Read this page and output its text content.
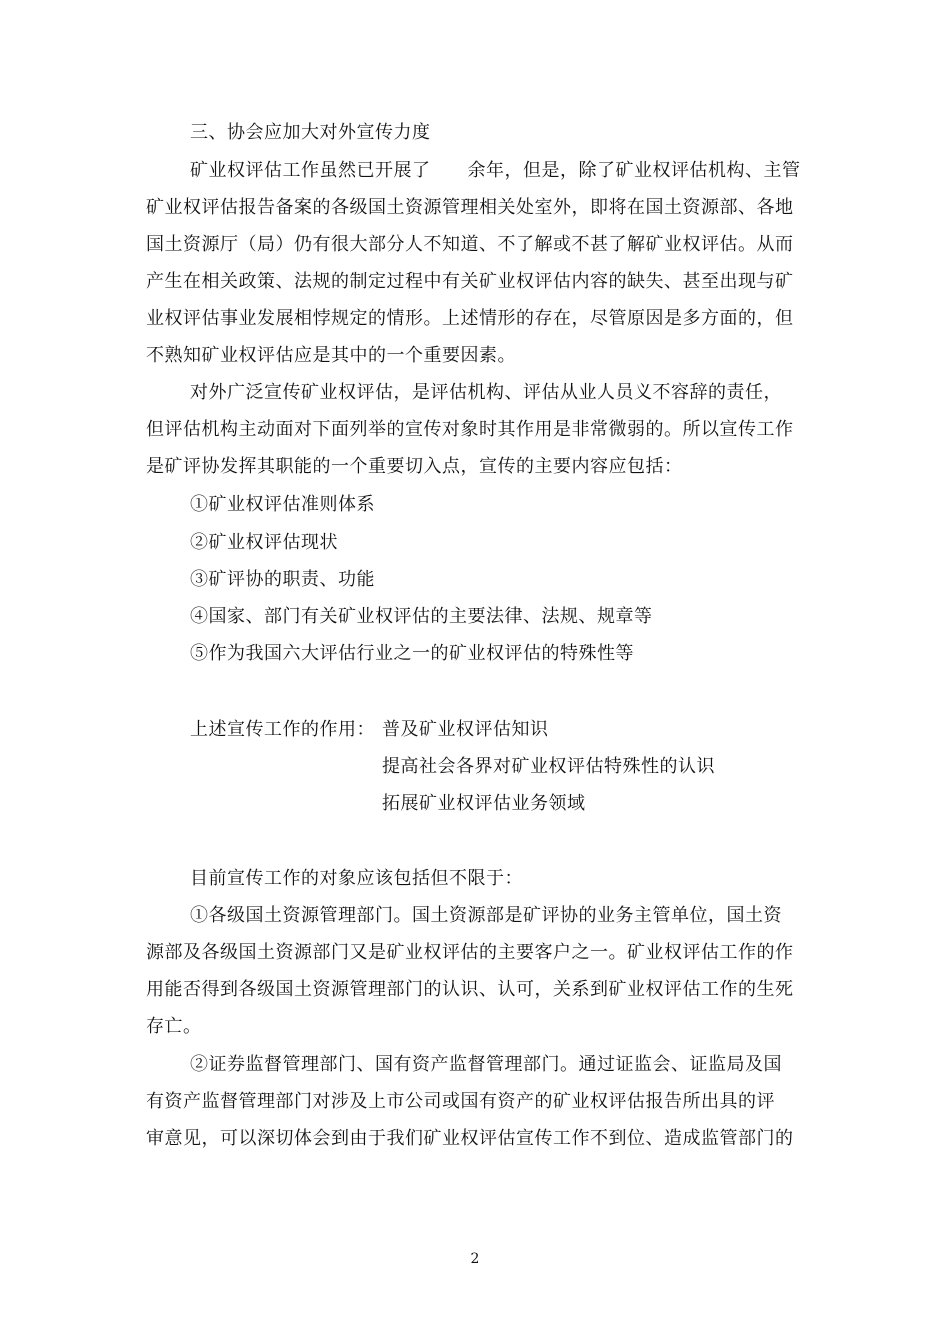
三、协会应加大对外宣传力度
矿业权评估工作虽然已开展了　　余年，但是，除了矿业权评估机构、主管
矿业权评估报告备案的各级国土资源管理相关处室外，即将在国土资源部、各地
国土资源厅（局）仍有很大部分人不知道、不了解或不甚了解矿业权评估。从而
产生在相关政策、法规的制定过程中有关矿业权评估内容的缺失、甚至出现与矿
业权评估事业发展相悖规定的情形。上述情形的存在，尽管原因是多方面的，但
不熟知矿业权评估应是其中的一个重要因素。
对外广泛宣传矿业权评估，是评估机构、评估从业人员义不容辞的责任，
但评估机构主动面对下面列举的宣传对象时其作用是非常微弱的。所以宣传工作
是矿评协发挥其职能的一个重要切入点，宣传的主要内容应包括：
①矿业权评估准则体系
②矿业权评估现状
③矿评协的职责、功能
④国家、部门有关矿业权评估的主要法律、法规、规章等
⑤作为我国六大评估行业之一的矿业权评估的特殊性等
上述宣传工作的作用： 普及矿业权评估知识
提高社会各界对矿业权评估特殊性的认识
拓展矿业权评估业务领域
目前宣传工作的对象应该包括但不限于：
①各级国土资源管理部门。国土资源部是矿评协的业务主管单位，国土资
源部及各级国土资源部门又是矿业权评估的主要客户之一。矿业权评估工作的作
用能否得到各级国土资源管理部门的认识、认可，关系到矿业权评估工作的生死
存亡。
②证券监督管理部门、国有资产监督管理部门。通过证监会、证监局及国
有资产监督管理部门对涉及上市公司或国有资产的矿业权评估报告所出具的评
审意见，可以深切体会到由于我们矿业权评估宣传工作不到位、造成监管部门的
2
